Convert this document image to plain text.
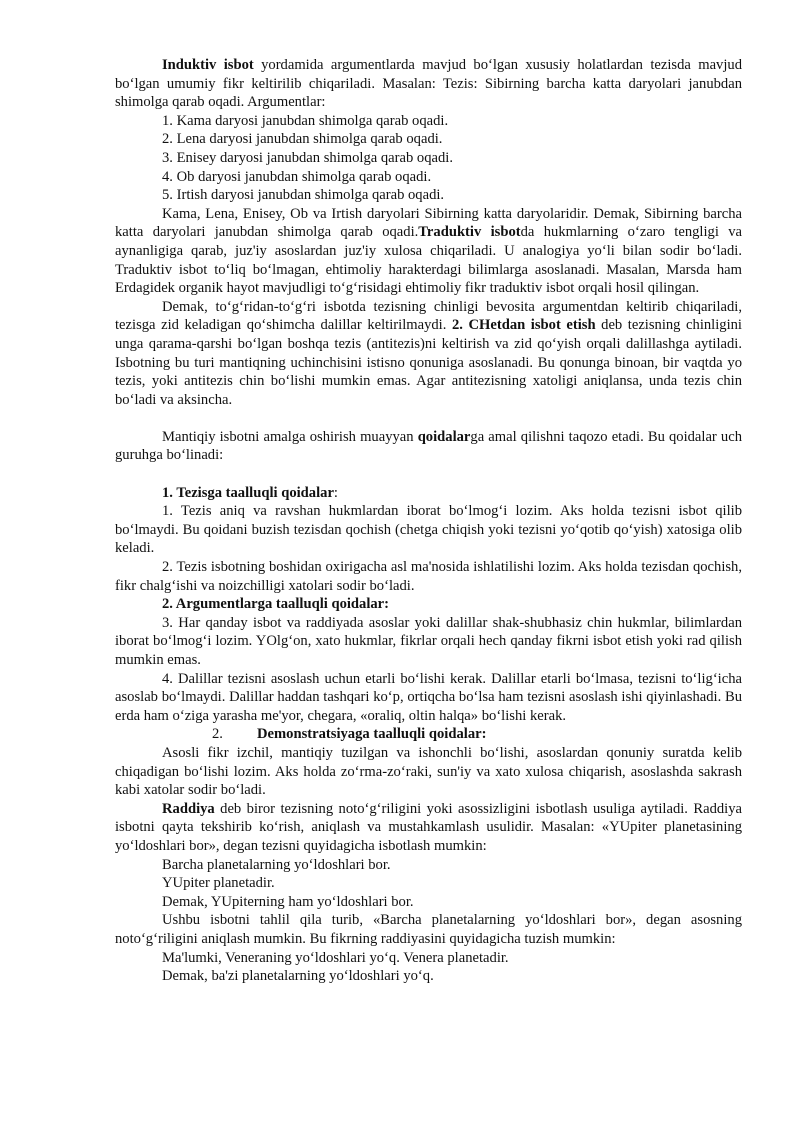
Induktiv isbot yordamida argumentlarda mavjud bo‘lgan xususiy holatlardan tezisda mavjud bo‘lgan umumiy fikr keltirilib chiqariladi. Masalan: Tezis: Sibirning barcha katta daryolari janubdan shimolga qarab oqadi. Argumentlar:

1. Kama daryosi janubdan shimolga qarab oqadi.

2. Lena daryosi janubdan shimolga qarab oqadi.

3. Enisey daryosi janubdan shimolga qarab oqadi.

4. Ob daryosi janubdan shimolga qarab oqadi.

5. Irtish daryosi janubdan shimolga qarab oqadi.

Kama, Lena, Enisey, Ob va Irtish daryolari Sibirning katta daryolaridir. Demak, Sibirning barcha katta daryolari janubdan shimolga qarab oqadi.Traduktiv isbotda hukmlarning o‘zaro tengligi va aynanligiga qarab, juz'iy asoslardan juz'iy xulosa chiqariladi. U analogiya yo‘li bilan sodir bo‘ladi. Traduktiv isbot to‘liq bo‘lmagan, ehtimoliy harakterdagi bilimlarga asoslanadi. Masalan, Marsda ham Erdagidek organik hayot mavjudligi to‘g‘risidagi ehtimoliy fikr traduktiv isbot orqali hosil qilingan.

Demak, to‘g‘ridan-to‘g‘ri isbotda tezisning chinligi bevosita argumentdan keltirib chiqariladi, tezisga zid keladigan qo‘shimcha dalillar keltirilmaydi. 2. CHetdan isbot etish deb tezisning chinligini unga qarama-qarshi bo‘lgan boshqa tezis (antitezis)ni keltirish va zid qo‘yish orqali dalillashga aytiladi. Isbotning bu turi mantiqning uchinchisini istisno qonuniga asoslanadi. Bu qonunga binoan, bir vaqtda yo tezis, yoki antitezis chin bo‘lishi mumkin emas. Agar antitezisning xatoligi aniqlansa, unda tezis chin bo‘ladi va aksincha.

Mantiqiy isbotni amalga oshirish muayyan qoidalarga amal qilishni taqozo etadi. Bu qoidalar uch guruhga bo‘linadi:

1. Tezisga taalluqli qoidalar:

1. Tezis aniq va ravshan hukmlardan iborat bo‘lmog‘i lozim. Aks holda tezisni isbot qilib bo‘lmaydi. Bu qoidani buzish tezisdan qochish (chetga chiqish yoki tezisni yo‘qotib qo‘yish) xatosiga olib keladi.

2. Tezis isbotning boshidan oxirigacha asl ma'nosida ishlatilishi lozim. Aks holda tezisdan qochish, fikr chalg‘ishi va noizchilligi xatolari sodir bo‘ladi.

2. Argumentlarga taalluqli qoidalar:

3. Har qanday isbot va raddiyada asoslar yoki dalillar shak-shubhasiz chin hukmlar, bilimlardan iborat bo‘lmog‘i lozim. YOlg‘on, xato hukmlar, fikrlar orqali hech qanday fikrni isbot etish yoki rad qilish mumkin emas.

4. Dalillar tezisni asoslash uchun etarli bo‘lishi kerak. Dalillar etarli bo‘lmasa, tezisni to‘lig‘icha asoslab bo‘lmaydi. Dalillar haddan tashqari ko‘p, ortiqcha bo‘lsa ham tezisni asoslash ishi qiyinlashadi. Bu erda ham o‘ziga yarasha me'yor, chegara, «oraliq, oltin halqa» bo‘lishi kerak.

2. Demonstratsiyaga taalluqli qoidalar:

Asosli fikr izchil, mantiqiy tuzilgan va ishonchli bo‘lishi, asoslardan qonuniy suratda kelib chiqadigan bo‘lishi lozim. Aks holda zo‘rma-zo‘raki, sun'iy va xato xulosa chiqarish, asoslashda sakrash kabi xatolar sodir bo‘ladi.

Raddiya deb biror tezisning noto‘g‘riligini yoki asossizligini isbotlash usuliga aytiladi. Raddiya isbotni qayta tekshirib ko‘rish, aniqlash va mustahkamlash usulidir. Masalan: «YUpiter planetasining yo‘ldoshlari bor», degan tezisni quyidagicha isbotlash mumkin:

Barcha planetalarning yo‘ldoshlari bor.

YUpiter planetadir.

Demak, YUpiterning ham yo‘ldoshlari bor.

Ushbu isbotni tahlil qila turib, «Barcha planetalarning yo‘ldoshlari bor», degan asosning noto‘g‘riligini aniqlash mumkin. Bu fikrning raddiyasini quyidagicha tuzish mumkin:

Ma'lumki, Veneraning yo‘ldoshlari yo‘q. Venera planetadir.

Demak, ba'zi planetalarning yo‘ldoshlari yo‘q.
